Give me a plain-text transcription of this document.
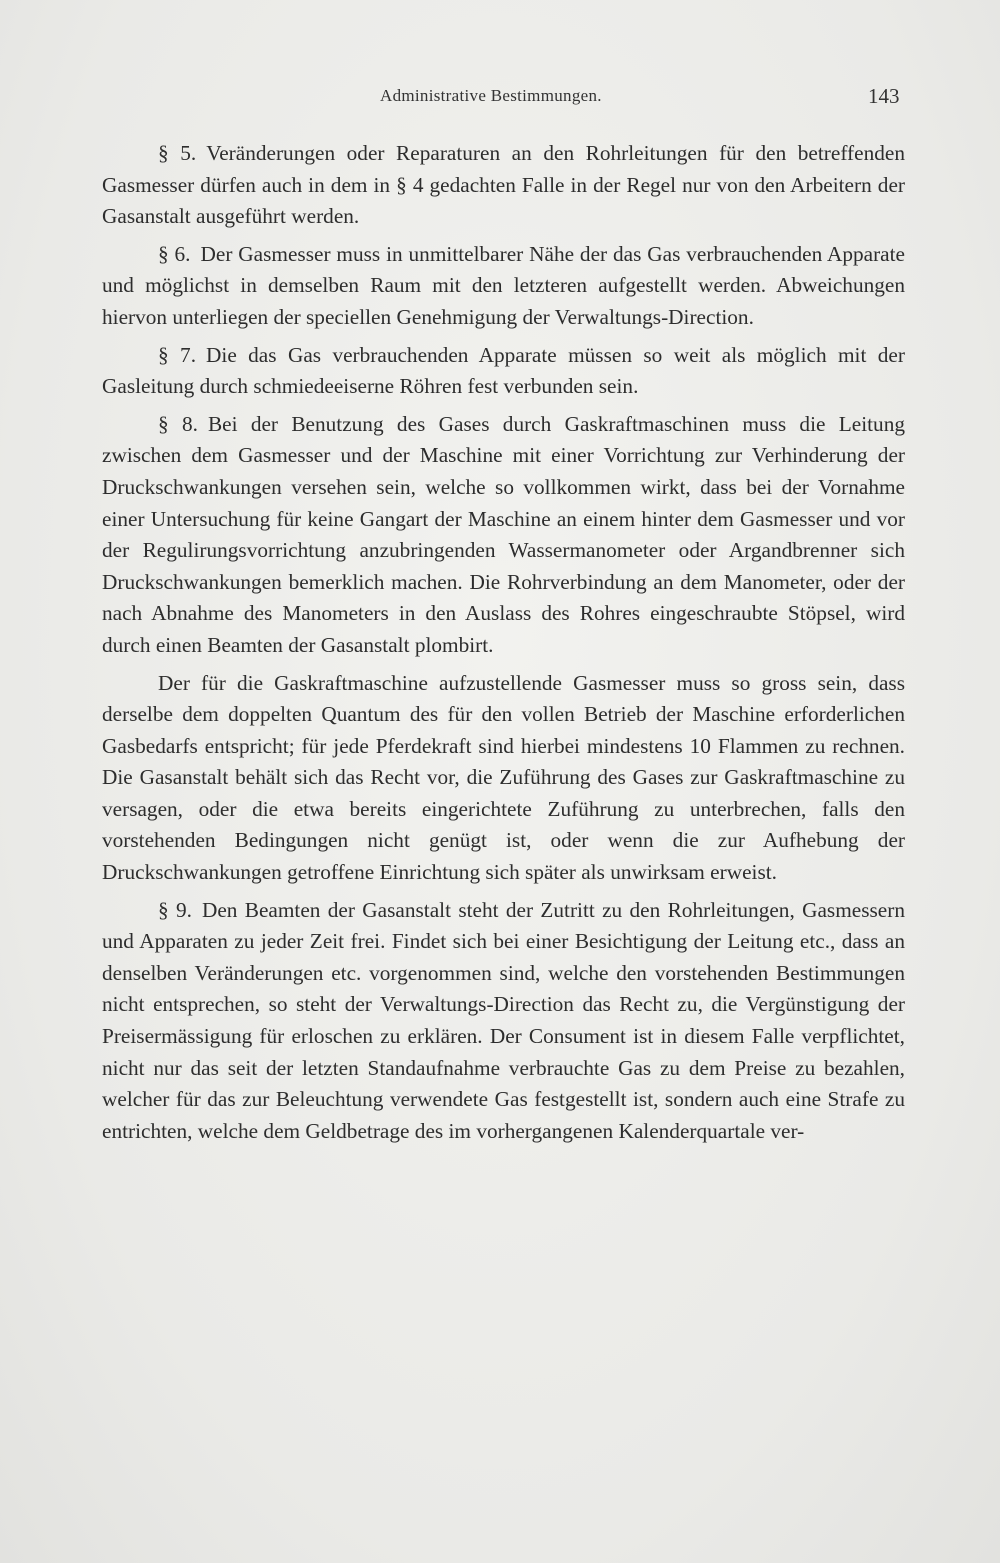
Administrative Bestimmungen.	143

§ 5. Veränderungen oder Reparaturen an den Rohrleitungen für den betreffenden Gasmesser dürfen auch in dem in § 4 gedachten Falle in der Regel nur von den Arbeitern der Gasanstalt ausgeführt werden.

§ 6. Der Gasmesser muss in unmittelbarer Nähe der das Gas verbrauchenden Apparate und möglichst in demselben Raum mit den letzteren aufgestellt werden. Abweichungen hiervon unterliegen der speciellen Genehmigung der Verwaltungs-Direction.

§ 7. Die das Gas verbrauchenden Apparate müssen so weit als möglich mit der Gasleitung durch schmiedeeiserne Röhren fest verbunden sein.

§ 8. Bei der Benutzung des Gases durch Gaskraftmaschinen muss die Leitung zwischen dem Gasmesser und der Maschine mit einer Vorrichtung zur Verhinderung der Druckschwankungen versehen sein, welche so vollkommen wirkt, dass bei der Vornahme einer Untersuchung für keine Gangart der Maschine an einem hinter dem Gasmesser und vor der Regulirungsvorrichtung anzubringenden Wassermanometer oder Argandbrenner sich Druckschwankungen bemerklich machen. Die Rohrverbindung an dem Manometer, oder der nach Abnahme des Manometers in den Auslass des Rohres eingeschraubte Stöpsel, wird durch einen Beamten der Gasanstalt plombirt.

Der für die Gaskraftmaschine aufzustellende Gasmesser muss so gross sein, dass derselbe dem doppelten Quantum des für den vollen Betrieb der Maschine erforderlichen Gasbedarfs entspricht; für jede Pferdekraft sind hierbei mindestens 10 Flammen zu rechnen. Die Gasanstalt behält sich das Recht vor, die Zuführung des Gases zur Gaskraftmaschine zu versagen, oder die etwa bereits eingerichtete Zuführung zu unterbrechen, falls den vorstehenden Bedingungen nicht genügt ist, oder wenn die zur Aufhebung der Druckschwankungen getroffene Einrichtung sich später als unwirksam erweist.

§ 9. Den Beamten der Gasanstalt steht der Zutritt zu den Rohrleitungen, Gasmessern und Apparaten zu jeder Zeit frei. Findet sich bei einer Besichtigung der Leitung etc., dass an denselben Veränderungen etc. vorgenommen sind, welche den vorstehenden Bestimmungen nicht entsprechen, so steht der Verwaltungs-Direction das Recht zu, die Vergünstigung der Preisermässigung für erloschen zu erklären. Der Consument ist in diesem Falle verpflichtet, nicht nur das seit der letzten Standaufnahme verbrauchte Gas zu dem Preise zu bezahlen, welcher für das zur Beleuchtung verwendete Gas festgestellt ist, sondern auch eine Strafe zu entrichten, welche dem Geldbetrage des im vorhergangenen Kalenderquartale ver-
